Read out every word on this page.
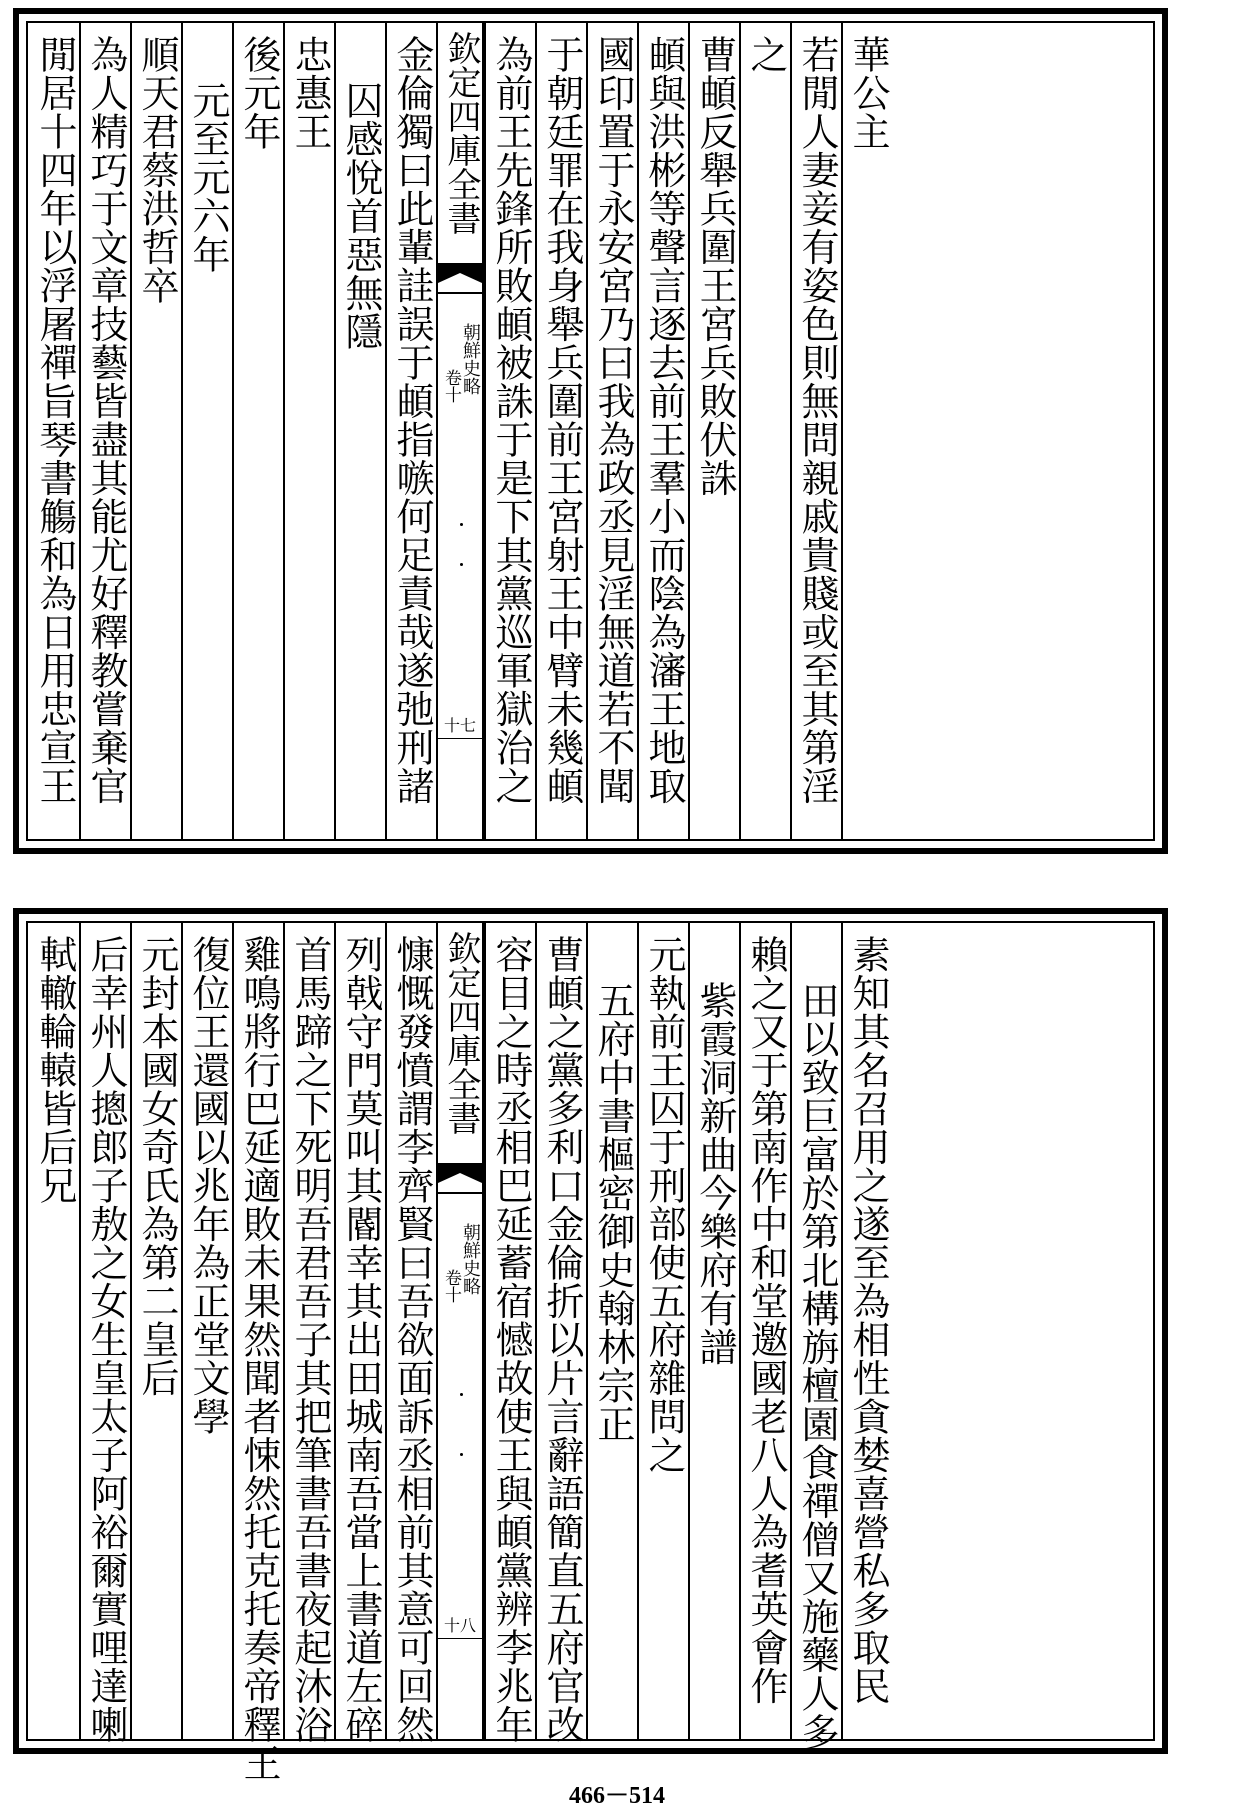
閒居十四年以浮屠禪旨琴書觴和為日用忠宣王 為人精巧于文章技藝皆盡其能尤好釋教嘗棄官 順天君蔡洪哲卒 元至元六年 後元年 忠惠王 囚感悅首惡無隱 金倫獨曰此輩詿誤于頔指嗾何足責哉遂弛刑諸 欽定四庫全書
朝鮮史略
卷十
十七 為前王先鋒所敗頔被誅于是下其黨巡軍獄治之 于朝廷罪在我身舉兵圍前王宮射王中臂未幾頔 國印置于永安宮乃曰我為政丞見淫無道若不聞 頔與洪彬等聲言逐去前王羣小而陰為瀋王地取 曹頔反舉兵圍王宮兵敗伏誅 之 若閒人妻妾有姿色則無問親戚貴賤或至其第淫 華公主
軾轍輪轅皆后兄 后幸州人摠郎子敖之女生皇太子阿裕爾實哩達喇 元封本國女奇氏為第二皇后 復位王還國以兆年為正堂文學 雞鳴將行巴延適敗未果然聞者悚然托克托奏帝釋王 首馬蹄之下死明吾君吾子其把筆書吾書夜起沐浴 列戟守門莫叫其閽幸其出田城南吾當上書道左碎 慷慨發憤謂李齊賢曰吾欲面訴丞相前其意可回然 欽定四庫全書
朝鮮史略
卷十
十八 容目之時丞相巴延蓄宿憾故使王與頔黨辨李兆年 曹頔之黨多利口金倫折以片言辭語簡直五府官改 五府中書樞密御史翰林宗正 元執前王囚于刑部使五府雜問之 紫霞洞新曲今樂府有譜 賴之又于第南作中和堂邀國老八人為耆英會作 田以致巨富於第北構旃檀園食禪僧又施藥人多 素知其名召用之遂至為相性貪婪喜營私多取民
466－514
